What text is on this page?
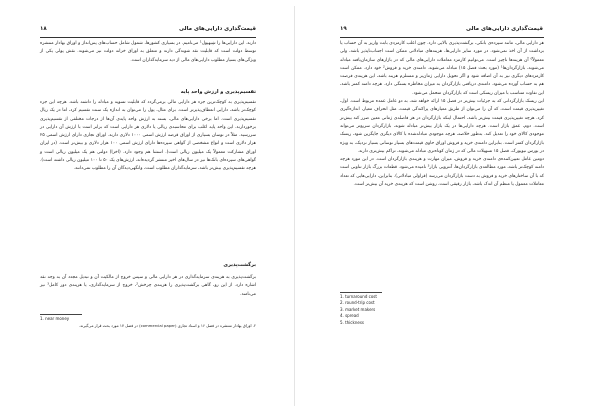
۱۸	قیمت‌گذاری دارایی‌های مالی

دارند. این دارایی‌ها را شِبهپول¹ می‌نامیم. در بسیاری کشورها، شمول شامل حساب‌های پس‌انداز و اوراق بهادار منتشره توسط دولت است که قابلیت نقد شوندگی دارند و متعلق به اوراق خزانه دولت نیز می‌شوند. نقش پولی یکی از ویژگی‌های بسیار مطلوب دارایی‌های مالی از دید سرمایه‌گذاران است.

تقسیم‌پذیری و ارزش واحد پایه

تقسیم‌پذیری به کوچک‌ترین جزء هر دارایی مالی برمی‌گردد که قابلیت تسویه و مبادله را داشته باشد. هرچه این جزء کوچک‌تر باشد، دارایی انعطاف‌پذیرتر است. برای مثال، پول را می‌توان به اندازه یک سنت تقسیم کرد، اما در یک ریال تقسیم‌پذیری است. اما برخی دارایی‌های مالی، بسته به ارزش واحد پایه‌ی آن‌ها از درجات مختلفی از تقسیم‌پذیری برخوردارند. این واحد پایه اغلب برای محاسبه‌ی ریالی یا دلاری هر دارایی است که برابر است با ارزش آن دارایی در سررسید. مثلاً در نوسان بسیاری از اوراق قرضه ارزش اسمی ۱۰۰۰ دلاری دارند. اوراق تجاری دارای ارزش اسمی ۲۵ هزار دلاری است و انواع مشخصی از گواهی سپرده‌ها دارای ارزش اسمی ۱۰۰ هزار دلاری و بیش‌تر است. (در ایران اوراق مشارکت معمولاً یک میلیون ریالی است). استثنا هم وجود دارد. (اخزا) دولتی هم یک میلیون ریالی است و گواهی‌های سپرده‌ای بانک‌ها نیز در سال‌های اخیر منتشر گردیده‌اند، ارزش‌های یک ۵۰ تا ۱۰۰ میلیون ریالی داشته است). هرچه تقسیم‌پذیری بیش‌تر باشد، سرمایه‌گذاران مطلوب است، وانگهی‌دیدگان آن را مطلوب نمی‌دانند.

برگشت‌پذیری

برگشت‌پذیری به هزینه‌ی سرمایه‌گذاری در هر دارایی مالی و سپس خروج از مالکیت آن و تبدیل مجدد آن به وجه نقد اشاره دارد. از این رو، گاهی برگشت‌پذیری را هزینه‌ی چرخش²، خروج از سرمایه‌گذاری، یا هزینه‌ی دور کامل³ نیز می‌نامند.

1. near money
۲. اوراق بهادار منتشره در فصل ۱۶ و اسناد تجاری (commercial paper) در فصل ۱۷ مورد بحث قرار می‌گیرند.
۱۹	قیمت‌گذاری دارایی‌های مالی

هر دارایی مالی، مانند سپرده‌ی بانکی، برگشت‌پذیری بالایی دارد. چون اغلب کارمزدی بابت واریز به آن حساب یا برداشت از آن اخذ نمی‌شود. در مورد سایر دارایی‌ها، هزینه‌های مبادلاتی ممکن است اجتناب‌ناپذیر باشد، ولی معمولاً⁰ آن هزینه‌ها ناچیز است. می‌توانیم کارمزد معاملات دارایی‌های مالی که در بازارهای سازمان‌یافته مبادله می‌شوند، بازارگردان‌ها¹ (مورد بحث فصل ۱۵) مبادله می‌شوند. دامنه‌ی خرید و فروش² خود دارد. ممکن است کارمزدهای دیگری نیز به آن اضافه شود و اگر تحویل دارایی زمان‌بر و مستلزم هزینه باشد، این هزینه‌ی فرصت هم به حساب آورده می‌شود. دامنه‌ی دریافتی بازارگردان به میزان مخاطره بستگی دارد. هرچه دامنه کمتر باشد، این تفاوت متناسب با میزان ریسکی است که بازارگردان متحمل می‌شود.

این ریسک بازارگردانی که به جزئیات بیش‌تر در فصل ۱۵ ارائه خواهد شد، به دو عامل عمده مربوط است. اول، تغییرپذیری قیمت است، که آن را می‌توان از طریق معیارهای پراکندگی قیمت، مثل انحراف معیار، اندازه‌گیری کرد. هرچه تغییرپذیری قیمت بیش‌تر باشد، احتمال اینکه بازارگردان در هر فاصله‌ی زمانی معین ضرر کند بیش‌تر است. دوم، عمق بازار است. هرچه دارایی‌ها در یک بازار بیش‌تر مبادله شوند، بازارگردان سریع‌تر می‌تواند موجودی کالای خود را تعدیل کند. به‌طور خلاصه، هرچه موجودی مبادله‌شده با کالای دیگری جایگزین شود، ریسک بازارگردان کمتر است. بنابراین دامنه‌ی خرید و فروش اوراق حاوی قیمت‌های بسیار نوسانی بسیار نزدیک، به ویژه در بورس نیویورک، فصل ۱۵ تسهیلات مالی که در زمان کوتاه‌تری مبادله می‌شوند، تراکم بیش‌تری دارند.

دومین عامل تعیین‌کننده‌ی دامنه‌ی خرید و فروش، میزان مهارت و هزینه‌ی بازارگردان است. در این مورد هرچه دامنه کوچک‌تر باشد، مورد مطالعه‌ی بازارگردان‌ها، آنتروپی بازار³ نامیده می‌شود. قطعات بزرگ بازار تناوبی است که با آن ساختارهای خرید و فروش به دست بازارگردان می‌رسد (قراولی مبادلاتی). بنابراین، دارایی‌هایی که تعداد معاملات معمول یا منظم آن اندک باشد، بازار رقیقی است، روشن است که هزینه‌ی خرید آن بیش‌تر است.

1. turnaround cost
2. round-trip cost
3. market makers
4. spread
5. thickness
